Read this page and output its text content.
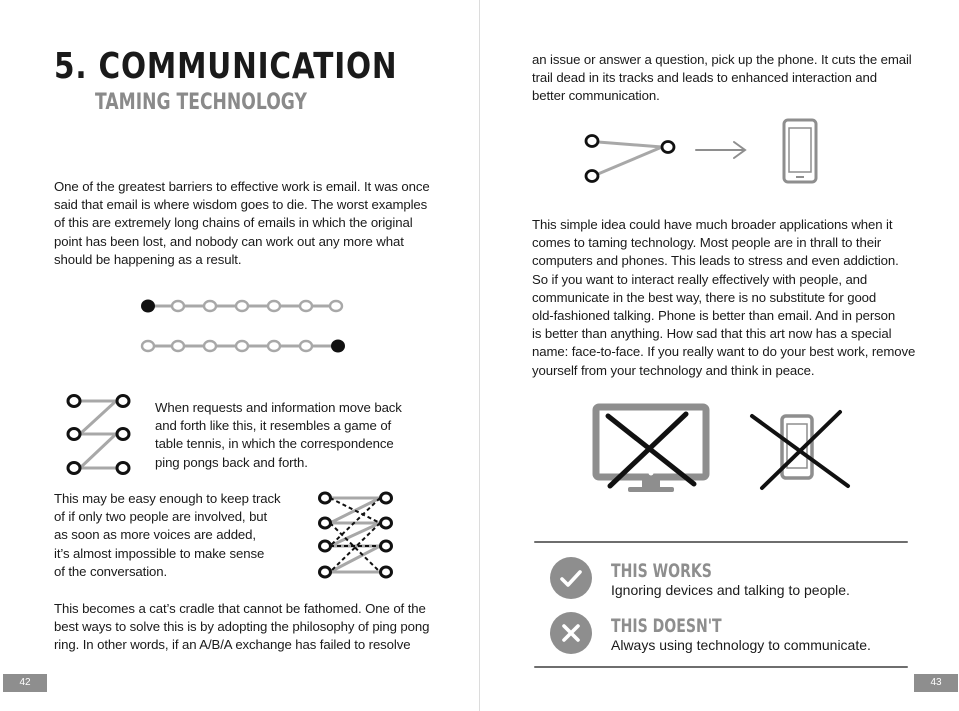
5. COMMUNICATION
TAMING TECHNOLOGY

One of the greatest barriers to effective work is email. It was once
said that email is where wisdom goes to die. The worst examples
of this are extremely long chains of emails in which the original
point has been lost, and nobody can work out any more what
should be happening as a result.

When requests and information move back
and forth like this, it resembles a game of
table tennis, in which the correspondence
ping pongs back and forth.

This may be easy enough to keep track
of if only two people are involved, but
as soon as more voices are added,
it’s almost impossible to make sense
of the conversation.

This becomes a cat’s cradle that cannot be fathomed. One of the
best ways to solve this is by adopting the philosophy of ping pong
ring. In other words, if an A/B/A exchange has failed to resolve

42

an issue or answer a question, pick up the phone. It cuts the email
trail dead in its tracks and leads to enhanced interaction and
better communication.

This simple idea could have much broader applications when it
comes to taming technology. Most people are in thrall to their
computers and phones. This leads to stress and even addiction.
So if you want to interact really effectively with people, and
communicate in the best way, there is no substitute for good
old-fashioned talking. Phone is better than email. And in person
is better than anything. How sad that this art now has a special
name: face-to-face. If you really want to do your best work, remove
yourself from your technology and think in peace.

THIS WORKS
Ignoring devices and talking to people.
THIS DOESN'T
Always using technology to communicate.
43
